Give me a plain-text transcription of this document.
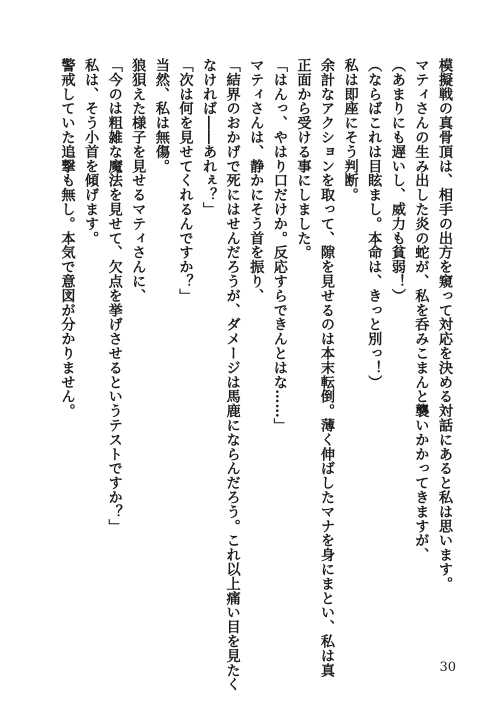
模擬戦の真骨頂は、相手の出方を窺って対応を決める対話にあると私は思います。
マティさんの生み出した炎の蛇が、私を呑みこまんと襲いかかってきますが、
（あまりにも遅いし、威力も貧弱！）
（ならばこれは目眩まし。本命は、きっと別っ！）
私は即座にそう判断。
余計なアクションを取って、隙を見せるのは本末転倒。薄く伸ばしたマナを身にまとい、私は真
正面から受ける事にしました。
「はんっ、やはり口だけか。反応すらできんとはな……」
マティさんは、静かにそう首を振り、
「結界のおかげで死にはせんだろうが、ダメージは馬鹿にならんだろう。これ以上痛い目を見たく
なければ――あれぇ？」
「次は何を見せてくれるんですか？」
当然、私は無傷。
狼狽えた様子を見せるマティさんに、
「今のは粗雑な魔法を見せて、欠点を挙げさせるというテストですか？」
私は、そう小首を傾げます。
警戒していた追撃も無し。本気で意図が分かりません。
30
